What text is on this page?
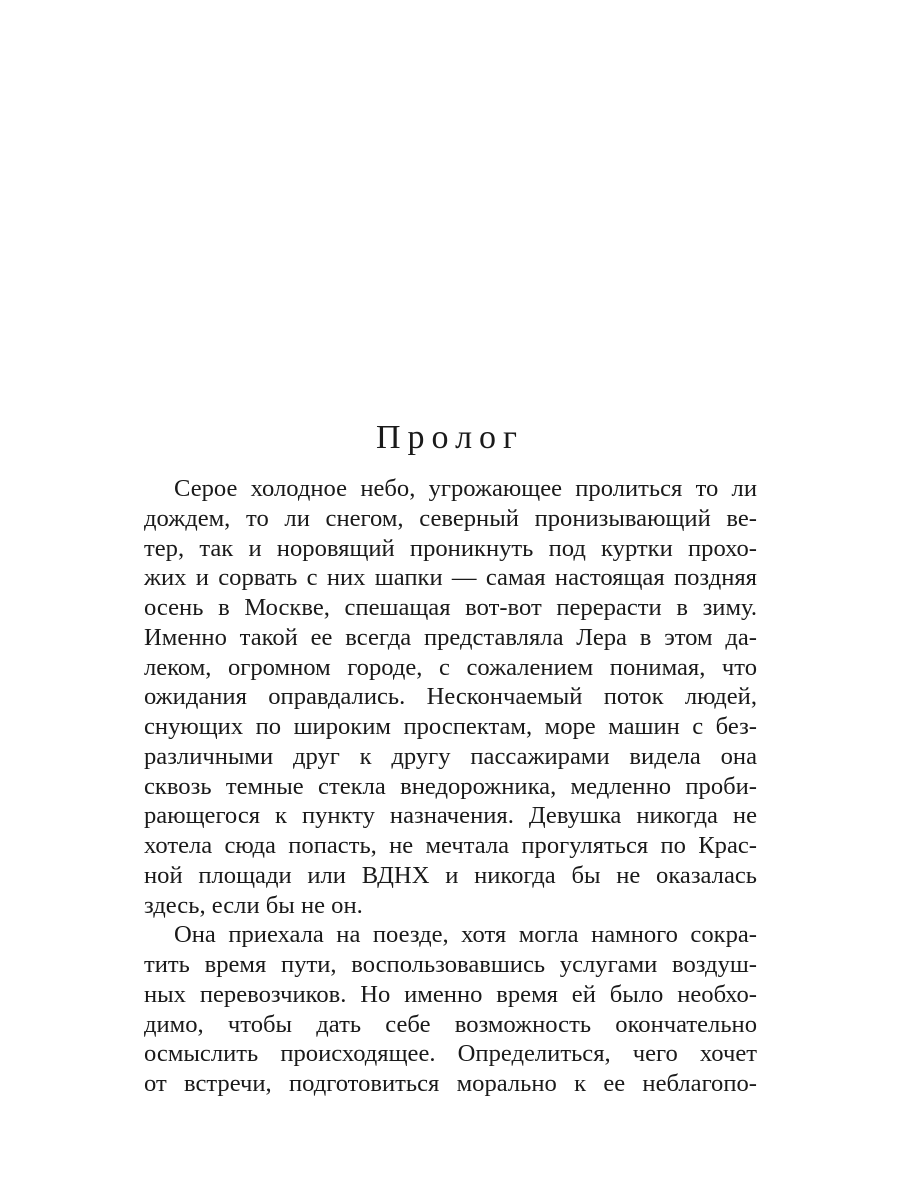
Пролог
Серое холодное небо, угрожающее пролиться то ли
дождем, то ли снегом, северный пронизывающий ве-
тер, так и норовящий проникнуть под куртки прохо-
жих и сорвать с них шапки — самая настоящая поздняя
осень в Москве, спешащая вот-вот перерасти в зиму.
Именно такой ее всегда представляла Лера в этом да-
леком, огромном городе, с сожалением понимая, что
ожидания оправдались. Нескончаемый поток людей,
снующих по широким проспектам, море машин с без-
различными друг к другу пассажирами видела она
сквозь темные стекла внедорожника, медленно проби-
рающегося к пункту назначения. Девушка никогда не
хотела сюда попасть, не мечтала прогуляться по Крас-
ной площади или ВДНХ и никогда бы не оказалась
здесь, если бы не он.
Она приехала на поезде, хотя могла намного сокра-
тить время пути, воспользовавшись услугами воздуш-
ных перевозчиков. Но именно время ей было необхо-
димо, чтобы дать себе возможность окончательно
осмыслить происходящее. Определиться, чего хочет
от встречи, подготовиться морально к ее неблагопо-
